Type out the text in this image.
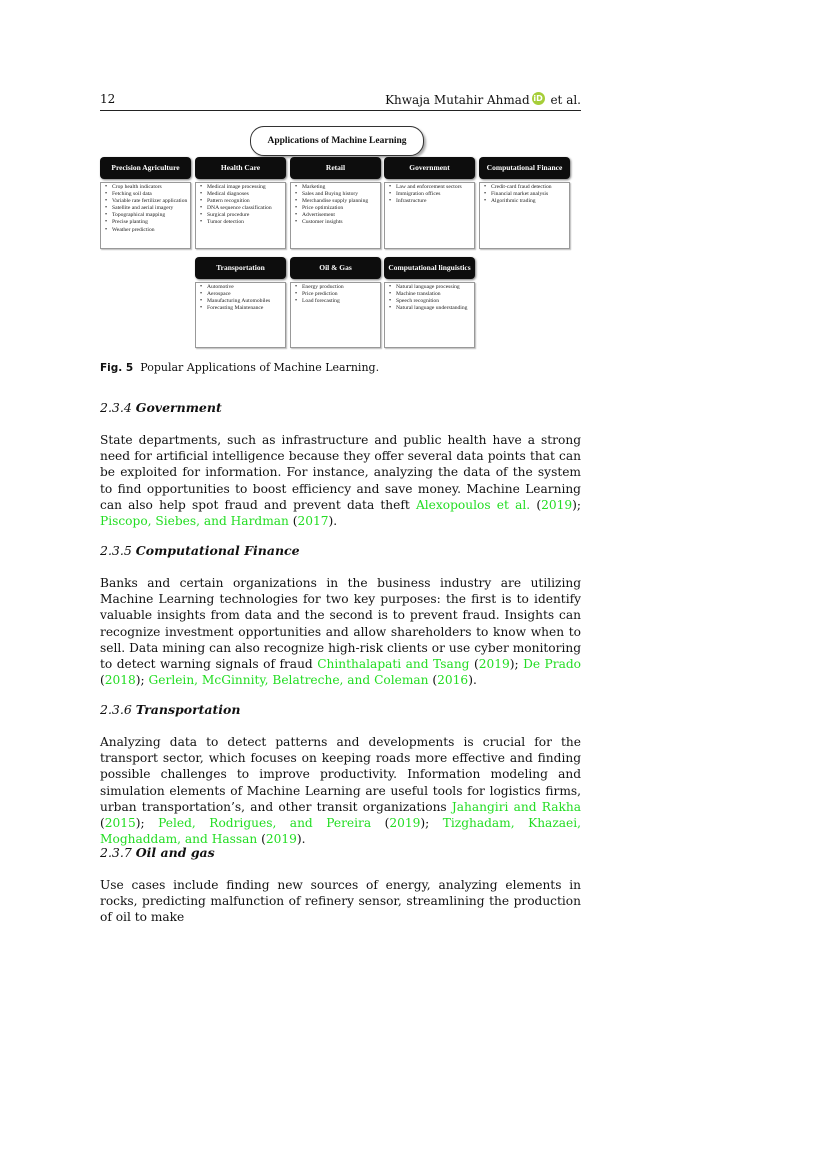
12	Khwaja Mutahir Ahmad iD et al.
Applications of Machine Learning
Precision Agriculture
• Crop health indicators
• Fetching soil data
• Variable rate fertilizer application
• Satellite and aerial imagery
• Topographical mapping
• Precise planting
• Weather prediction
Health Care
• Medical image processing
• Medical diagnoses
• Pattern recognition
• DNA sequence classification
• Surgical procedure
• Tumor detection
Retail
• Marketing
• Sales and Buying history
• Merchandise supply planning
• Price optimization
• Advertisement
• Customer insights
Government
• Law and enforcement sectors
• Immigration offices
• Infrastructure
Computational Finance
• Credit-card fraud detection
• Financial market analysis
• Algorithmic trading
Transportation
• Automotive
• Aerospace
• Manufacturing Automobiles
• Forecasting Maintenance
Oil & Gas
• Energy production
• Price prediction
• Load forecasting
Computational linguistics
• Natural language processing
• Machine translation
• Speech recognition
• Natural language understanding
Fig. 5 Popular Applications of Machine Learning.
2.3.4 Government

State departments, such as infrastructure and public health have a strong need for artificial intelligence because they offer several data points that can be exploited for information. For instance, analyzing the data of the system to find opportunities to boost efficiency and save money. Machine Learning can also help spot fraud and prevent data theft Alexopoulos et al. (2019); Piscopo, Siebes, and Hardman (2017).

2.3.5 Computational Finance

Banks and certain organizations in the business industry are utilizing Machine Learning technologies for two key purposes: the first is to identify valuable insights from data and the second is to prevent fraud. Insights can recognize investment opportunities and allow shareholders to know when to sell. Data mining can also recognize high-risk clients or use cyber monitoring to detect warning signals of fraud Chinthalapati and Tsang (2019); De Prado (2018); Gerlein, McGinnity, Belatreche, and Coleman (2016).

2.3.6 Transportation

Analyzing data to detect patterns and developments is crucial for the transport sector, which focuses on keeping roads more effective and finding possible challenges to improve productivity. Information modeling and simulation elements of Machine Learning are useful tools for logistics firms, urban transportation’s, and other transit organizations Jahangiri and Rakha (2015); Peled, Rodrigues, and Pereira (2019); Tizghadam, Khazaei, Moghaddam, and Hassan (2019).

2.3.7 Oil and gas

Use cases include finding new sources of energy, analyzing elements in rocks, predicting malfunction of refinery sensor, streamlining the production of oil to make
